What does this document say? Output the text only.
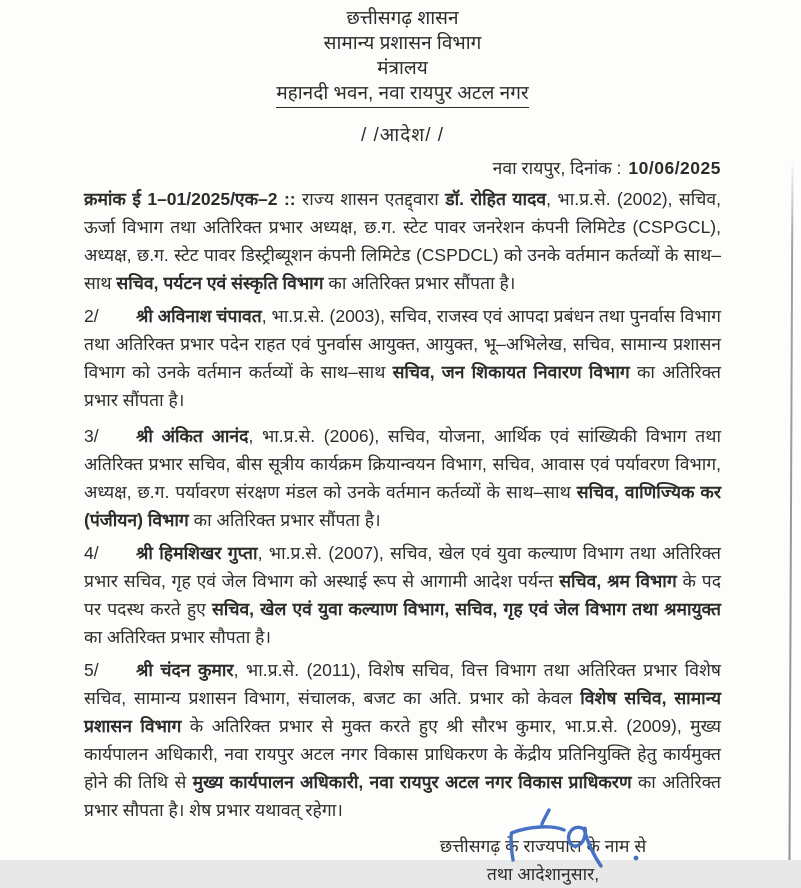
छत्तीसगढ़ शासन
सामान्य प्रशासन विभाग
मंत्रालय
महानदी भवन, नवा रायपुर अटल नगर
/ /आदेश/ /
नवा रायपुर, दिनांक : 10/06/2025
क्रमांक ई 1–01/2025/एक–2 :: राज्य शासन एतद्द्वारा डॉ. रोहित यादव, भा.प्र.से. (2002), सचिव, ऊर्जा विभाग तथा अतिरिक्त प्रभार अध्यक्ष, छ.ग. स्टेट पावर जनरेशन कंपनी लिमिटेड (CSPGCL), अध्यक्ष, छ.ग. स्टेट पावर डिस्ट्रीब्यूशन कंपनी लिमिटेड (CSPDCL) को उनके वर्तमान कर्तव्यों के साथ–साथ सचिव, पर्यटन एवं संस्कृति विभाग का अतिरिक्त प्रभार सौंपता है।
2/ श्री अविनाश चंपावत, भा.प्र.से. (2003), सचिव, राजस्व एवं आपदा प्रबंधन तथा पुनर्वास विभाग तथा अतिरिक्त प्रभार पदेन राहत एवं पुनर्वास आयुक्त, आयुक्त, भू–अभिलेख, सचिव, सामान्य प्रशासन विभाग को उनके वर्तमान कर्तव्यों के साथ–साथ सचिव, जन शिकायत निवारण विभाग का अतिरिक्त प्रभार सौंपता है।
3/ श्री अंकित आनंद, भा.प्र.से. (2006), सचिव, योजना, आर्थिक एवं सांख्यिकी विभाग तथा अतिरिक्त प्रभार सचिव, बीस सूत्रीय कार्यक्रम क्रियान्वयन विभाग, सचिव, आवास एवं पर्यावरण विभाग, अध्यक्ष, छ.ग. पर्यावरण संरक्षण मंडल को उनके वर्तमान कर्तव्यों के साथ–साथ सचिव, वाणिज्यिक कर (पंजीयन) विभाग का अतिरिक्त प्रभार सौंपता है।
4/ श्री हिमशिखर गुप्ता, भा.प्र.से. (2007), सचिव, खेल एवं युवा कल्याण विभाग तथा अतिरिक्त प्रभार सचिव, गृह एवं जेल विभाग को अस्थाई रूप से आगामी आदेश पर्यन्त सचिव, श्रम विभाग के पद पर पदस्थ करते हुए सचिव, खेल एवं युवा कल्याण विभाग, सचिव, गृह एवं जेल विभाग तथा श्रमायुक्त का अतिरिक्त प्रभार सौपता है।
5/ श्री चंदन कुमार, भा.प्र.से. (2011), विशेष सचिव, वित्त विभाग तथा अतिरिक्त प्रभार विशेष सचिव, सामान्य प्रशासन विभाग, संचालक, बजट का अति. प्रभार को केवल विशेष सचिव, सामान्य प्रशासन विभाग के अतिरिक्त प्रभार से मुक्त करते हुए श्री सौरभ कुमार, भा.प्र.से. (2009), मुख्य कार्यपालन अधिकारी, नवा रायपुर अटल नगर विकास प्राधिकरण के केंद्रीय प्रतिनियुक्ति हेतु कार्यमुक्त होने की तिथि से मुख्य कार्यपालन अधिकारी, नवा रायपुर अटल नगर विकास प्राधिकरण का अतिरिक्त प्रभार सौपता है। शेष प्रभार यथावत् रहेगा।
छत्तीसगढ़ के राज्यपाल के नाम से
तथा आदेशानुसार,
